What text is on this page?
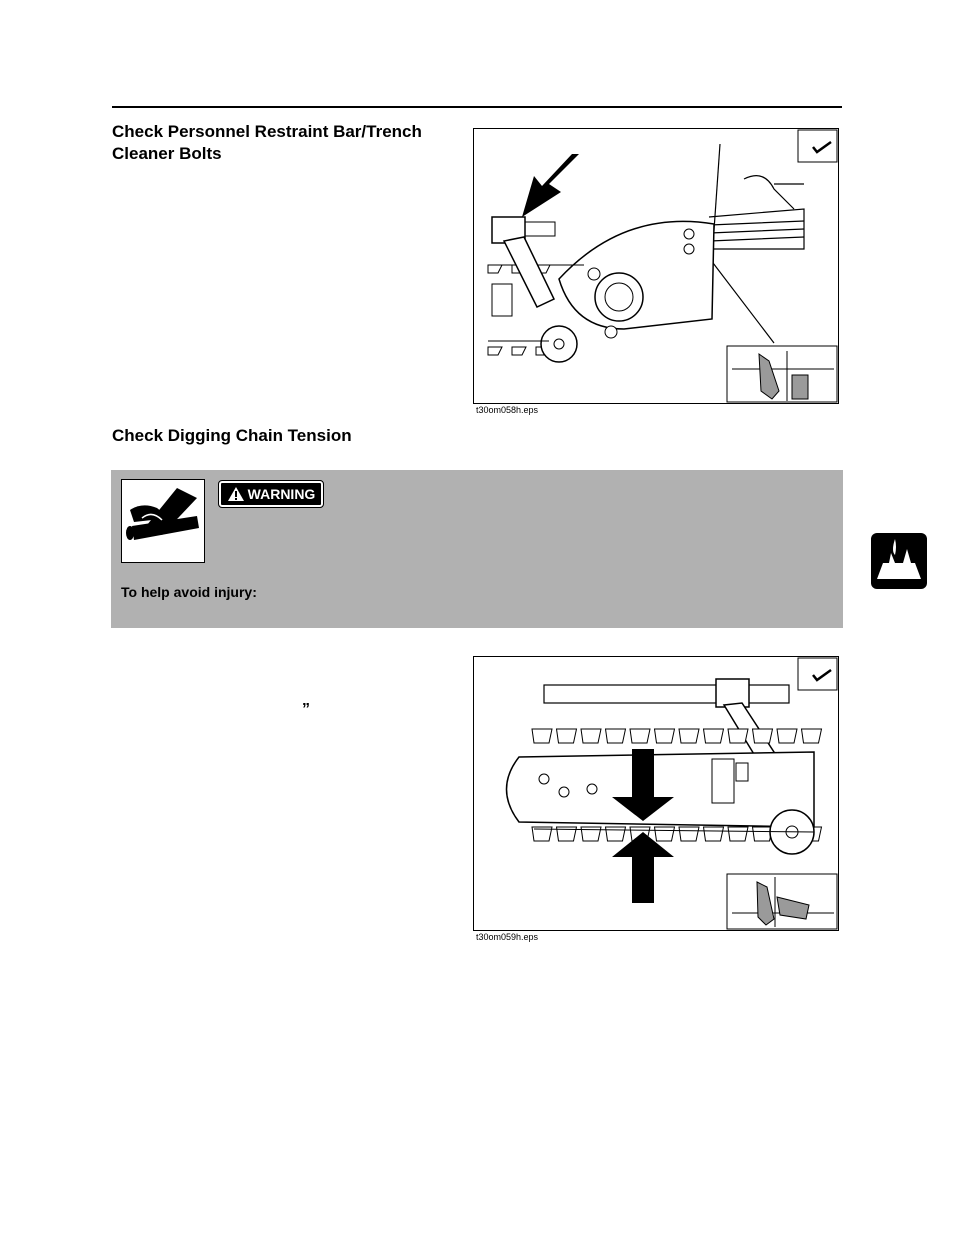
Check Personnel Restraint Bar/Trench Cleaner Bolts
t30om058h.eps
Check Digging Chain Tension
WARNING
To help avoid injury:
”
t30om059h.eps
